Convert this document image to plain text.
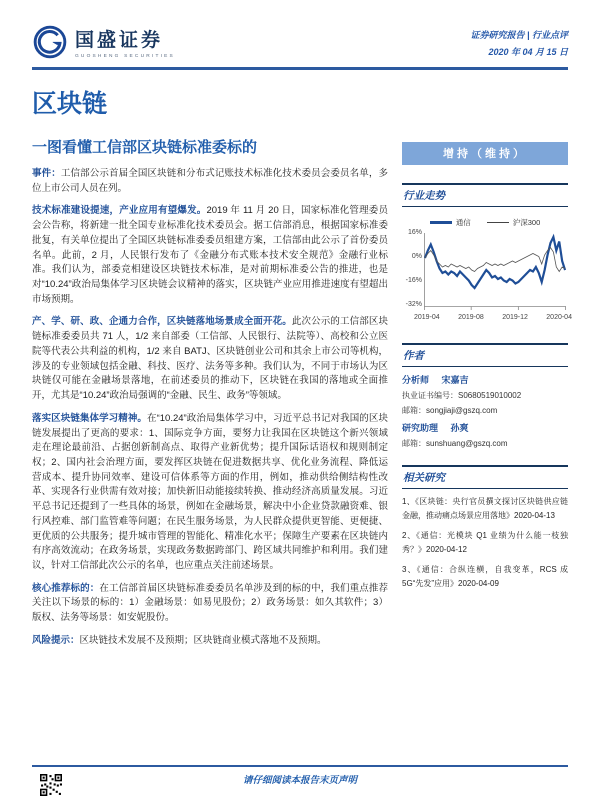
国盛证券
GUOSHENG SECURITIES
证券研究报告 | 行业点评
2020 年 04 月 15 日
区块链
一图看懂工信部区块链标准委标的

事件：工信部公示首届全国区块链和分布式记账技术标准化技术委员会委员名单，多位上市公司人员在列。

技术标准建设提速，产业应用有望爆发。2019 年 11 月 20 日，国家标准化管理委员会公告称，将新建一批全国专业标准化技术委员会。据工信部消息，根据国家标准委批复，有关单位提出了全国区块链标准委委员组建方案，工信部由此公示了首份委员名单。此前，2 月，人民银行发布了《金融分布式账本技术安全规范》金融行业标准。我们认为，部委竞相建设区块链技术标准，是对前期标准委公告的推进，也是对“10.24”政治局集体学习区块链会议精神的落实，区块链产业应用推进速度有望超出市场预期。

产、学、研、政、企通力合作，区块链落地场景成全面开花。此次公示的工信部区块链标准委委员共 71 人，1/2 来自部委（工信部、人民银行、法院等）、高校和公立医院等代表公共利益的机构，1/2 来自 BATJ、区块链创业公司和其余上市公司等机构，涉及的专业领域包括金融、科技、医疗、法务等多种。我们认为，不同于市场认为区块链仅可能在金融场景落地，在前述委员的推动下，区块链在我国的落地或全面推开，尤其是“10.24”政治局强调的“金融、民生、政务”等领域。

落实区块链集体学习精神。在“10.24”政治局集体学习中，习近平总书记对我国的区块链发展提出了更高的要求：1、国际竞争方面，要努力让我国在区块链这个新兴领域走在理论最前沿、占据创新制高点、取得产业新优势；提升国际话语权和规则制定权；2、国内社会治理方面，要发挥区块链在促进数据共享、优化业务流程、降低运营成本、提升协同效率、建设可信体系等方面的作用，例如，推动供给侧结构性改革、实现各行业供需有效对接；加快新旧动能接续转换、推动经济高质量发展。习近平总书记还提到了一些具体的场景，例如在金融场景，解决中小企业贷款融资难、银行风控难、部门监管难等问题；在民生服务场景，为人民群众提供更智能、更便捷、更优质的公共服务；提升城市管理的智能化、精准化水平；保障生产要素在区块链内有序高效流动；在政务场景，实现政务数据跨部门、跨区域共同维护和利用。我们建议，针对工信部此次公示的名单，也应重点关注前述场景。

核心推荐标的：在工信部首届区块链标准委委员名单涉及到的标的中，我们重点推荐关注以下场景的标的：1）金融场景：如易见股份；2）政务场景：如久其软件；3）版权、法务等场景：如安妮股份。

风险提示：区块链技术发展不及预期；区块链商业模式落地不及预期。

增持（维持）
行业走势
通信	沪深300
16%
0%
-16%
-32%
2019-04	2019-08	2019-12	2020-04
作者
分析师 宋嘉吉
执业证书编号：S0680519010002
邮箱：songjiaji@gszq.com
研究助理 孙爽
邮箱：sunshuang@gszq.com
相关研究
1、《区块链：央行官员撰文探讨区块链供应链金融，推动痛点场景应用落地》2020-04-13
2、《通信：光模块 Q1 业绩为什么能一枝独秀？》2020-04-12
3、《通信：合纵连横，自我变革，RCS 成 5G“先发”应用》2020-04-09
请仔细阅读本报告末页声明
